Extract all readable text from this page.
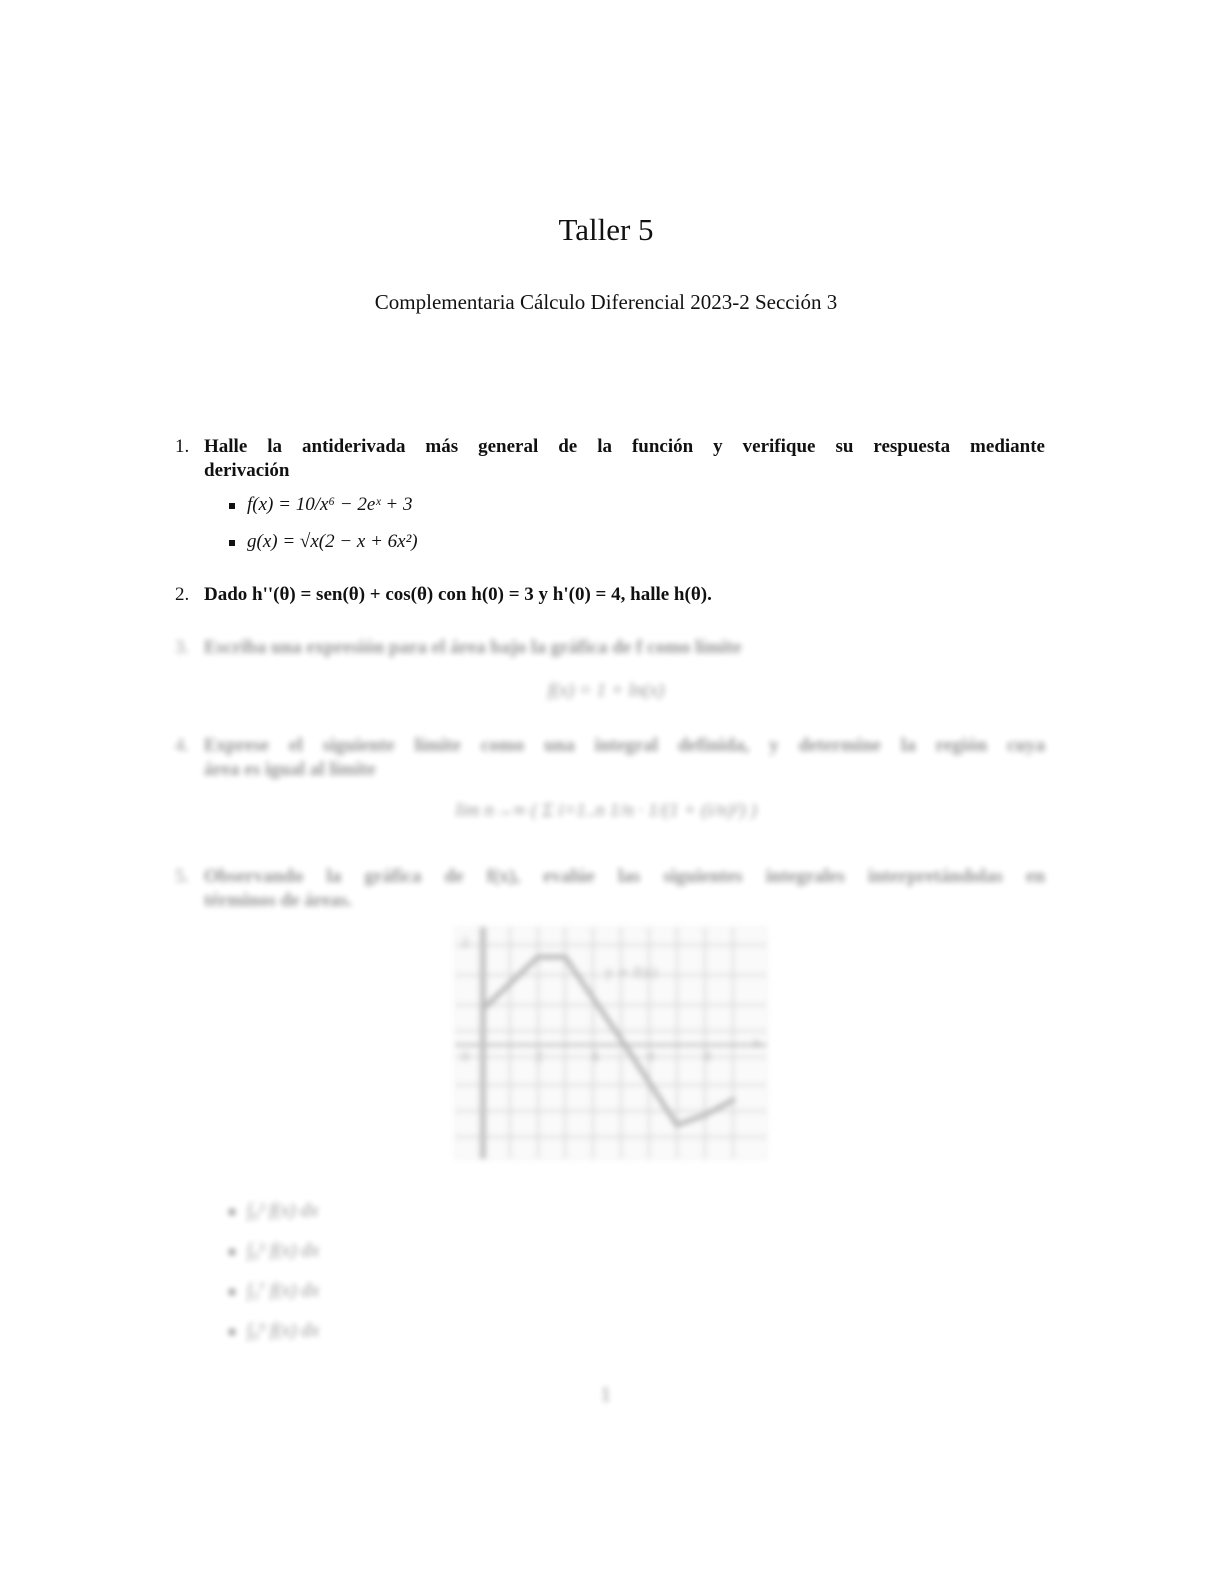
Taller 5
Complementaria Cálculo Diferencial 2023-2 Sección 3
1. Halle la antiderivada más general de la función y verifique su respuesta mediante
derivación
f(x) = 10/x⁶ − 2eˣ + 3
g(x) = √x(2 − x + 6x²)
2. Dado h''(θ) = sen(θ) + cos(θ) con h(0) = 3 y h'(0) = 4, halle h(θ).
3. Escriba una expresión para el área bajo la gráfica de f como límite
f(x) = 1 + ln(x)
4. Exprese el siguiente límite como una integral definida, y determine la región cuya
área es igual al límite
lim n→∞ ( Σ i=1..n 1/n · 1/(1 + (i/n)²) )
5. Observando la gráfica de f(x), evalúe las siguientes integrales interpretándolas en
términos de áreas.
y = f(x)
2
0	2	4	6	8
x
∫₀² f(x) dx
∫₀⁵ f(x) dx
∫₅⁷ f(x) dx
∫₀⁹ f(x) dx
1
